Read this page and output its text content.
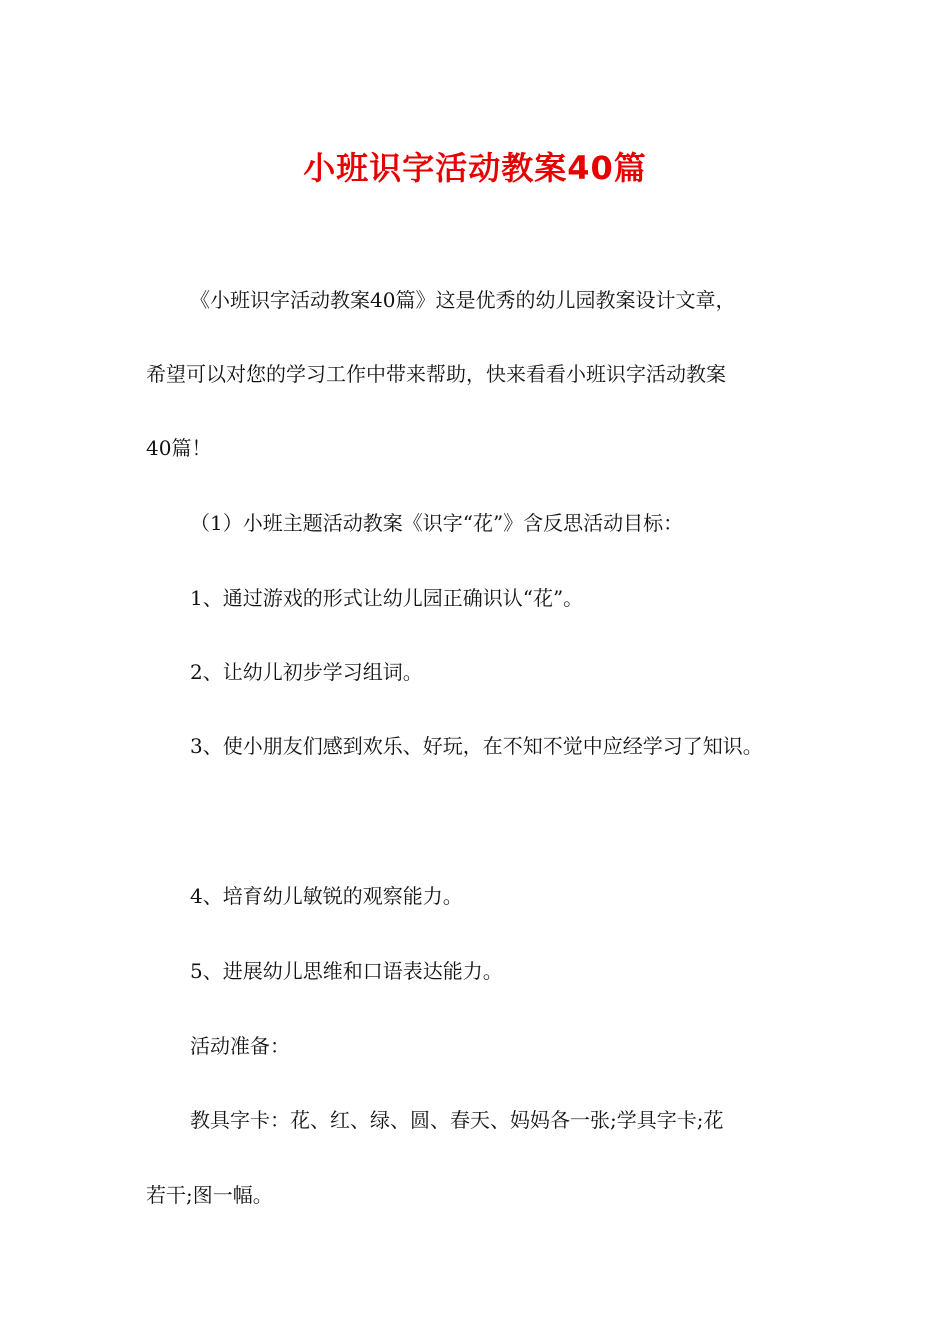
小班识字活动教案40篇
《小班识字活动教案40篇》这是优秀的幼儿园教案设计文章，
希望可以对您的学习工作中带来帮助，快来看看小班识字活动教案
40篇！
（1）小班主题活动教案《识字“花”》含反思活动目标：
1、通过游戏的形式让幼儿园正确识认“花”。
2、让幼儿初步学习组词。
3、使小朋友们感到欢乐、好玩，在不知不觉中应经学习了知识。
4、培育幼儿敏锐的观察能力。
5、进展幼儿思维和口语表达能力。
活动准备：
教具字卡：花、红、绿、圆、春天、妈妈各一张;学具字卡;花
若干;图一幅。
